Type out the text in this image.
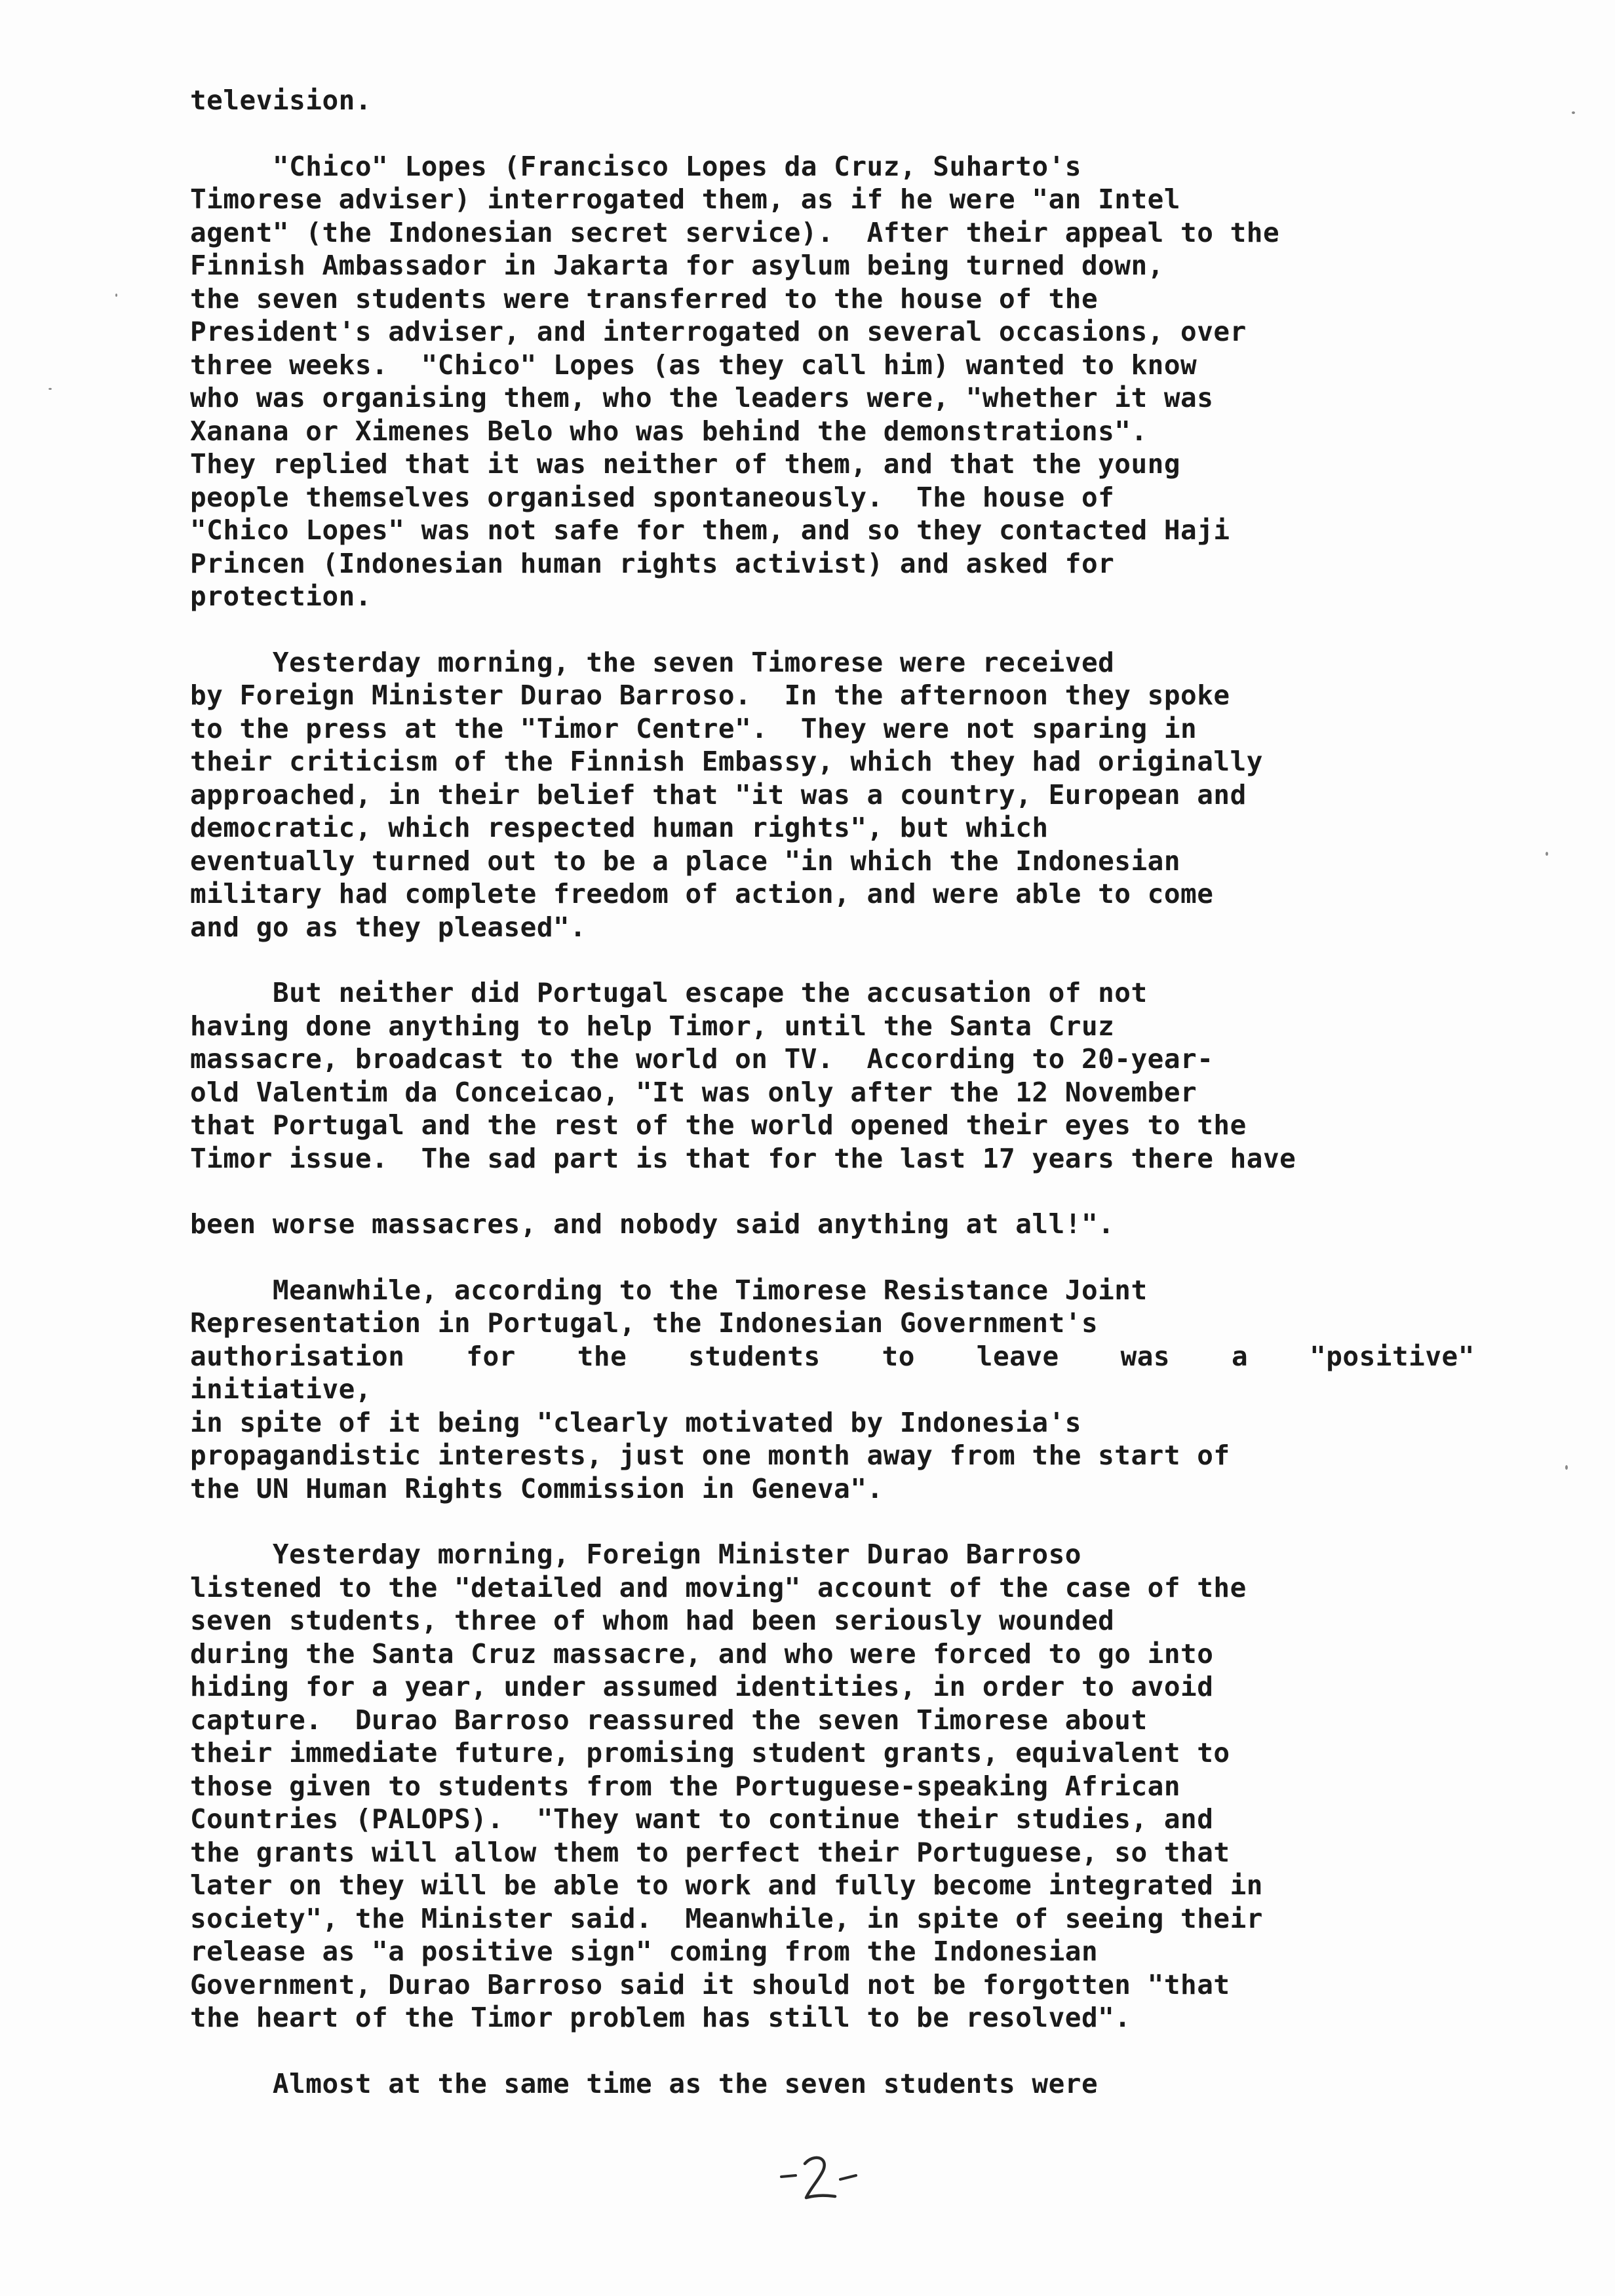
television.
"Chico" Lopes (Francisco Lopes da Cruz, Suharto's
Timorese adviser) interrogated them, as if he were "an Intel
agent" (the Indonesian secret service).  After their appeal to the
Finnish Ambassador in Jakarta for asylum being turned down,
the seven students were transferred to the house of the
President's adviser, and interrogated on several occasions, over
three weeks.  "Chico" Lopes (as they call him) wanted to know
who was organising them, who the leaders were, "whether it was
Xanana or Ximenes Belo who was behind the demonstrations".
They replied that it was neither of them, and that the young
people themselves organised spontaneously.  The house of
"Chico Lopes" was not safe for them, and so they contacted Haji
Princen (Indonesian human rights activist) and asked for
protection.
Yesterday morning, the seven Timorese were received
by Foreign Minister Durao Barroso.  In the afternoon they spoke
to the press at the "Timor Centre".  They were not sparing in
their criticism of the Finnish Embassy, which they had originally
approached, in their belief that "it was a country, European and
democratic, which respected human rights", but which
eventually turned out to be a place "in which the Indonesian
military had complete freedom of action, and were able to come
and go as they pleased".
But neither did Portugal escape the accusation of not
having done anything to help Timor, until the Santa Cruz
massacre, broadcast to the world on TV.  According to 20-year-
old Valentim da Conceicao, "It was only after the 12 November
that Portugal and the rest of the world opened their eyes to the
Timor issue.  The sad part is that for the last 17 years there have
been worse massacres, and nobody said anything at all!".
Meanwhile, according to the Timorese Resistance Joint
Representation in Portugal, the Indonesian Government's
authorisation for the students to leave was a "positive"
initiative,
in spite of it being "clearly motivated by Indonesia's
propagandistic interests, just one month away from the start of
the UN Human Rights Commission in Geneva".
Yesterday morning, Foreign Minister Durao Barroso
listened to the "detailed and moving" account of the case of the
seven students, three of whom had been seriously wounded
during the Santa Cruz massacre, and who were forced to go into
hiding for a year, under assumed identities, in order to avoid
capture.  Durao Barroso reassured the seven Timorese about
their immediate future, promising student grants, equivalent to
those given to students from the Portuguese-speaking African
Countries (PALOPS).  "They want to continue their studies, and
the grants will allow them to perfect their Portuguese, so that
later on they will be able to work and fully become integrated in
society", the Minister said.  Meanwhile, in spite of seeing their
release as "a positive sign" coming from the Indonesian
Government, Durao Barroso said it should not be forgotten "that
the heart of the Timor problem has still to be resolved".
Almost at the same time as the seven students were
